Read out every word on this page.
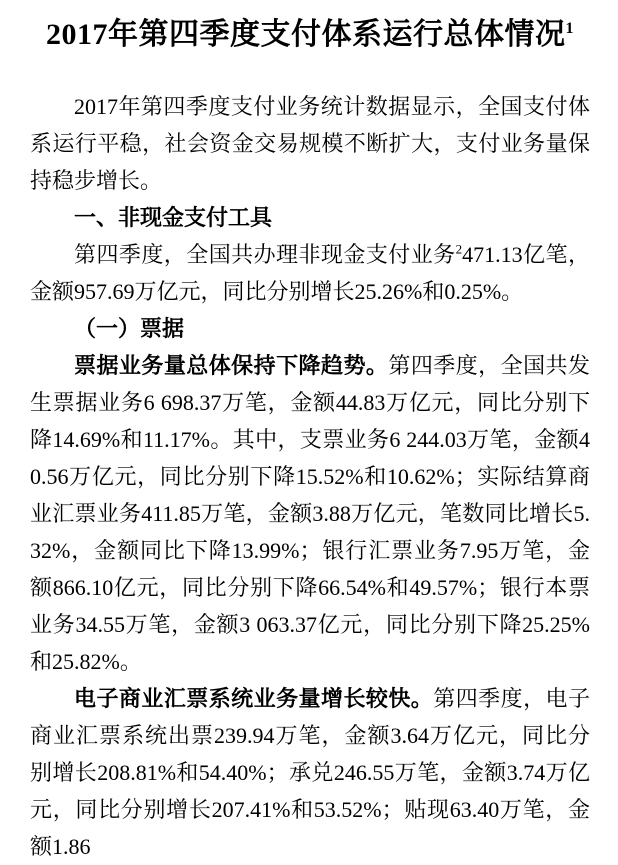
2017年第四季度支付体系运行总体情况$^1$

2017年第四季度支付业务统计数据显示，全国支付体系运行平稳，社会资金交易规模不断扩大，支付业务量保持稳步增长。

一、非现金支付工具

第四季度，全国共办理非现金支付业务$^2$471.13亿笔，金额957.69万亿元，同比分别增长25.26%和0.25%。

（一）票据

票据业务量总体保持下降趋势。第四季度，全国共发生票据业务6 698.37万笔，金额44.83万亿元，同比分别下降14.69%和11.17%。其中，支票业务6 244.03万笔，金额40.56万亿元，同比分别下降15.52%和10.62%；实际结算商业汇票业务411.85万笔，金额3.88万亿元，笔数同比增长5.32%，金额同比下降13.99%；银行汇票业务7.95万笔，金额866.10亿元，同比分别下降66.54%和49.57%；银行本票业务34.55万笔，金额3 063.37亿元，同比分别下降25.25%和25.82%。

电子商业汇票系统业务量增长较快。第四季度，电子商业汇票系统出票239.94万笔，金额3.64万亿元，同比分别增长208.81%和54.40%；承兑246.55万笔，金额3.74万亿元，同比分别增长207.41%和53.52%；贴现63.40万笔，金额1.86
